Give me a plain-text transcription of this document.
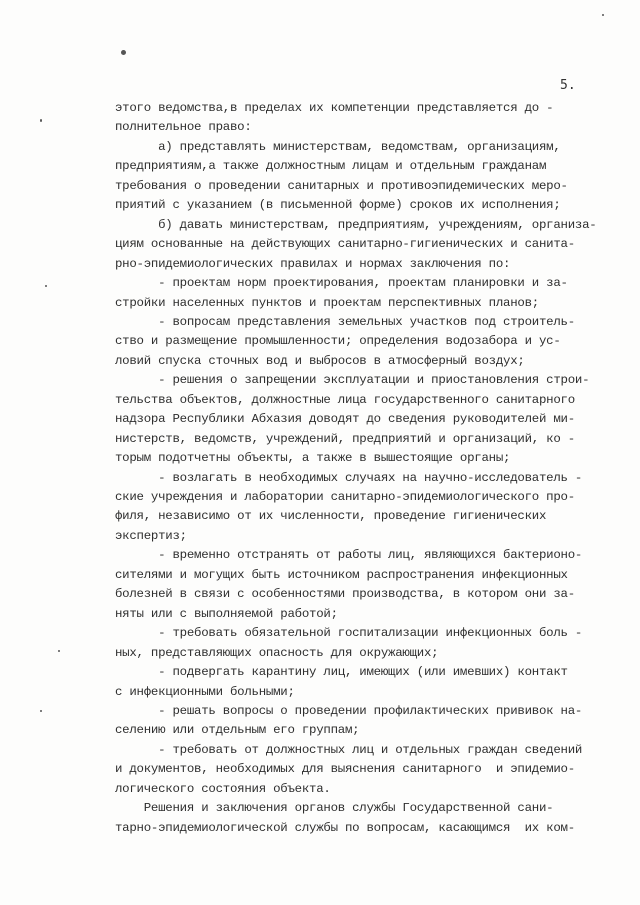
5.
этого ведомства,в пределах их компетенции представляется до -
полнительное право:
а) представлять министерствам, ведомствам, организациям,
предприятиям,а также должностным лицам и отдельным гражданам
требования о проведении санитарных и противоэпидемических меро-
приятий с указанием (в письменной форме) сроков их исполнения;
б) давать министерствам, предприятиям, учреждениям, организа-
циям основанные на действующих санитарно-гигиенических и санита-
рно-эпидемиологических правилах и нормах заключения по:
- проектам норм проектирования, проектам планировки и за-
стройки населенных пунктов и проектам перспективных планов;
- вопросам представления земельных участков под строитель-
ство и размещение промышленности; определения водозабора и ус-
ловий спуска сточных вод и выбросов в атмосферный воздух;
- решения о запрещении эксплуатации и приостановления строи-
тельства объектов, должностные лица государственного санитарного
надзора Республики Абхазия доводят до сведения руководителей ми-
нистерств, ведомств, учреждений, предприятий и организаций, ко -
торым подотчетны объекты, а также в вышестоящие органы;
- возлагать в необходимых случаях на научно-исследователь -
ские учреждения и лаборатории санитарно-эпидемиологического про-
филя, независимо от их численности, проведение гигиенических
экспертиз;
- временно отстранять от работы лиц, являющихся бактерионо-
сителями и могущих быть источником распространения инфекционных
болезней в связи с особенностями производства, в котором они за-
няты или с выполняемой работой;
- требовать обязательной госпитализации инфекционных боль -
ных, представляющих опасность для окружающих;
- подвергать карантину лиц, имеющих (или имевших) контакт
с инфекционными больными;
- решать вопросы о проведении профилактических прививок на-
селению или отдельным его группам;
- требовать от должностных лиц и отдельных граждан сведений
и документов, необходимых для выяснения санитарного  и эпидемио-
логического состояния объекта.
Решения и заключения органов службы Государственной сани-
тарно-эпидемиологической службы по вопросам, касающимся  их ком-
